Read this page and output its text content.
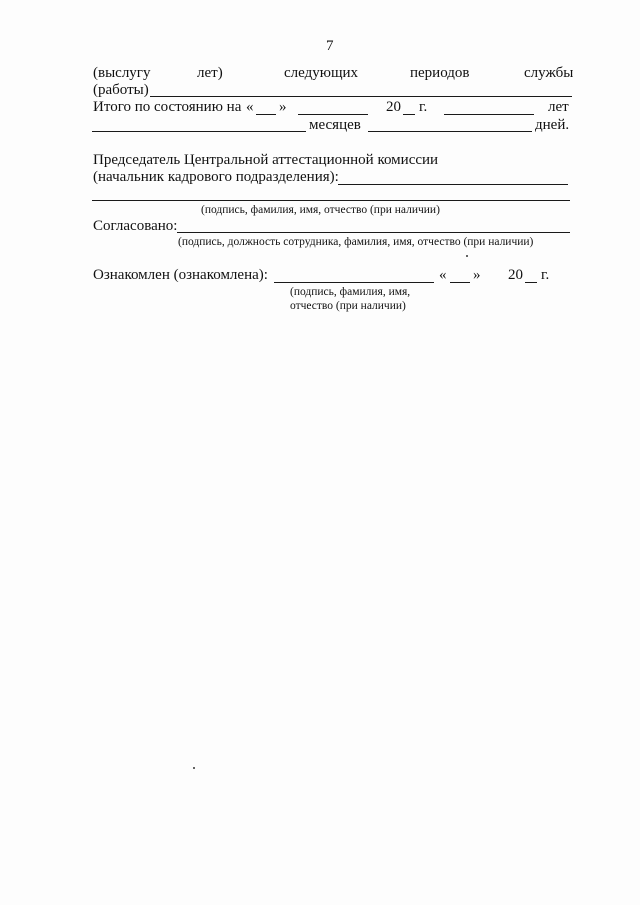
7
(выслугу	лет)	следующих	периодов	службы
(работы)
Итого по состоянию на « »	20 г.	лет
месяцев	дней.
Председатель Центральной аттестационной комиссии
(начальник кадрового подразделения):
(подпись, фамилия, имя, отчество (при наличии)
Согласовано:
(подпись, должность сотрудника, фамилия, имя, отчество (при наличии)
Ознакомлен (ознакомлена):	« » 20 г.
(подпись, фамилия, имя,
отчество (при наличии)
